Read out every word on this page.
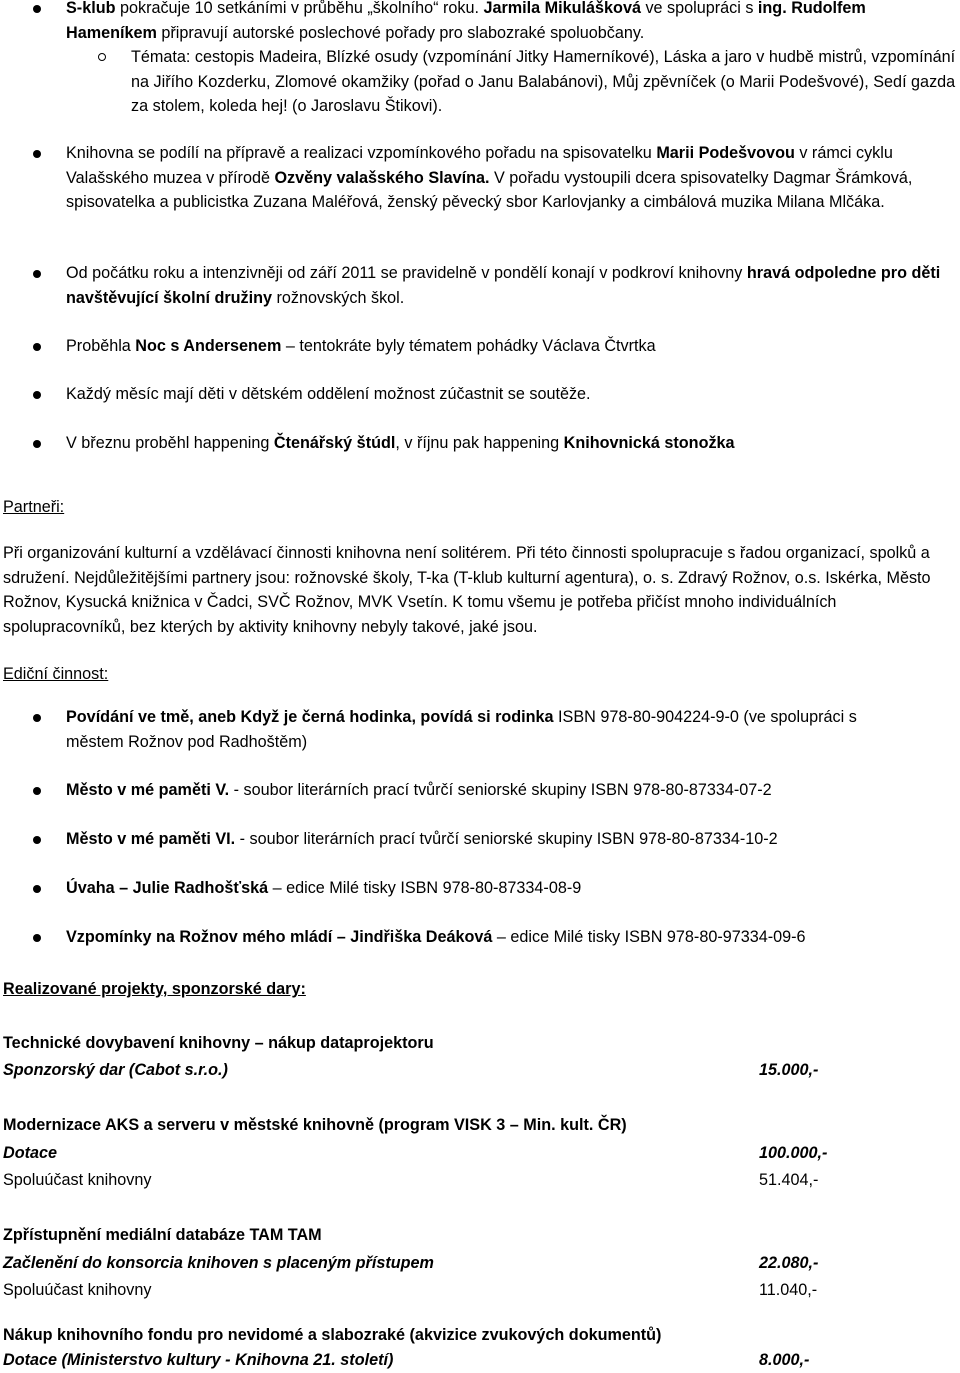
S-klub pokračuje 10 setkáními v průběhu „školního“ roku. Jarmila Mikulášková ve spolupráci s ing. Rudolfem Hameníkem připravují autorské poslechové pořady pro slabozraké spoluobčany.
Témata: cestopis Madeira, Blízké osudy (vzpomínání Jitky Hamerníkové), Láska a jaro v hudbě mistrů, vzpomínání na Jiřího Kozderku, Zlomové okamžiky (pořad o Janu Balabánovi), Můj zpěvníček (o Marii Podešvové), Sedí gazda za stolem, koleda hej! (o Jaroslavu Štikovi).
Knihovna se podílí na přípravě a realizaci vzpomínkového pořadu na spisovatelku Marii Podešvovou v rámci cyklu Valašského muzea v přírodě Ozvěny valašského Slavína. V pořadu vystoupili dcera spisovatelky Dagmar Šrámková, spisovatelka a publicistka Zuzana Maléřová, ženský pěvecký sbor Karlovjanky a cimbálová muzika Milana Mlčáka.
Od počátku roku a intenzivněji od září 2011 se pravidelně v pondělí konají v podkroví knihovny hravá odpoledne pro děti navštěvující školní družiny rožnovských škol.
Proběhla Noc s Andersenem – tentokráte byly tématem pohádky Václava Čtvrtka
Každý měsíc mají děti v dětském oddělení možnost zúčastnit se soutěže.
V březnu proběhl happening Čtenářský štúdl, v říjnu pak happening Knihovnická stonožka
Partneři:
Při organizování kulturní a vzdělávací činnosti knihovna není solitérem. Při této činnosti spolupracuje s řadou organizací, spolků a sdružení. Nejdůležitějšími partnery jsou: rožnovské školy, T-ka (T-klub kulturní agentura), o. s. Zdravý Rožnov, o.s. Iskérka, Město Rožnov, Kysucká knižnica v Čadci, SVČ Rožnov, MVK Vsetín. K tomu všemu je potřeba přičíst mnoho individuálních spolupracovníků, bez kterých by aktivity knihovny nebyly takové, jaké jsou.
Ediční činnost:
Povídání ve tmě, aneb Když je černá hodinka, povídá si rodinka ISBN 978-80-904224-9-0 (ve spolupráci s městem Rožnov pod Radhoštěm)
Město v mé paměti V. - soubor literárních prací tvůrčí seniorské skupiny ISBN 978-80-87334-07-2
Město v mé paměti VI. - soubor literárních prací tvůrčí seniorské skupiny ISBN 978-80-87334-10-2
Úvaha – Julie Radhošťská – edice Milé tisky ISBN 978-80-87334-08-9
Vzpomínky na Rožnov mého mládí – Jindřiška Deáková – edice Milé tisky ISBN 978-80-97334-09-6
Realizované projekty, sponzorské dary:
Technické dovybavení knihovny – nákup dataprojektoru
Sponzorský dar (Cabot s.r.o.)	15.000,-
Modernizace AKS a serveru v městské knihovně (program VISK 3 – Min. kult. ČR)
Dotace	100.000,-
Spoluúčast knihovny	51.404,-
Zpřístupnění mediální databáze TAM TAM
Začlenění do konsorcia knihoven s placeným přístupem	22.080,-
Spoluúčast knihovny	11.040,-
Nákup knihovního fondu pro nevidomé a slabozraké (akvizice zvukových dokumentů)
Dotace (Ministerstvo kultury - Knihovna 21. století)	8.000,-
